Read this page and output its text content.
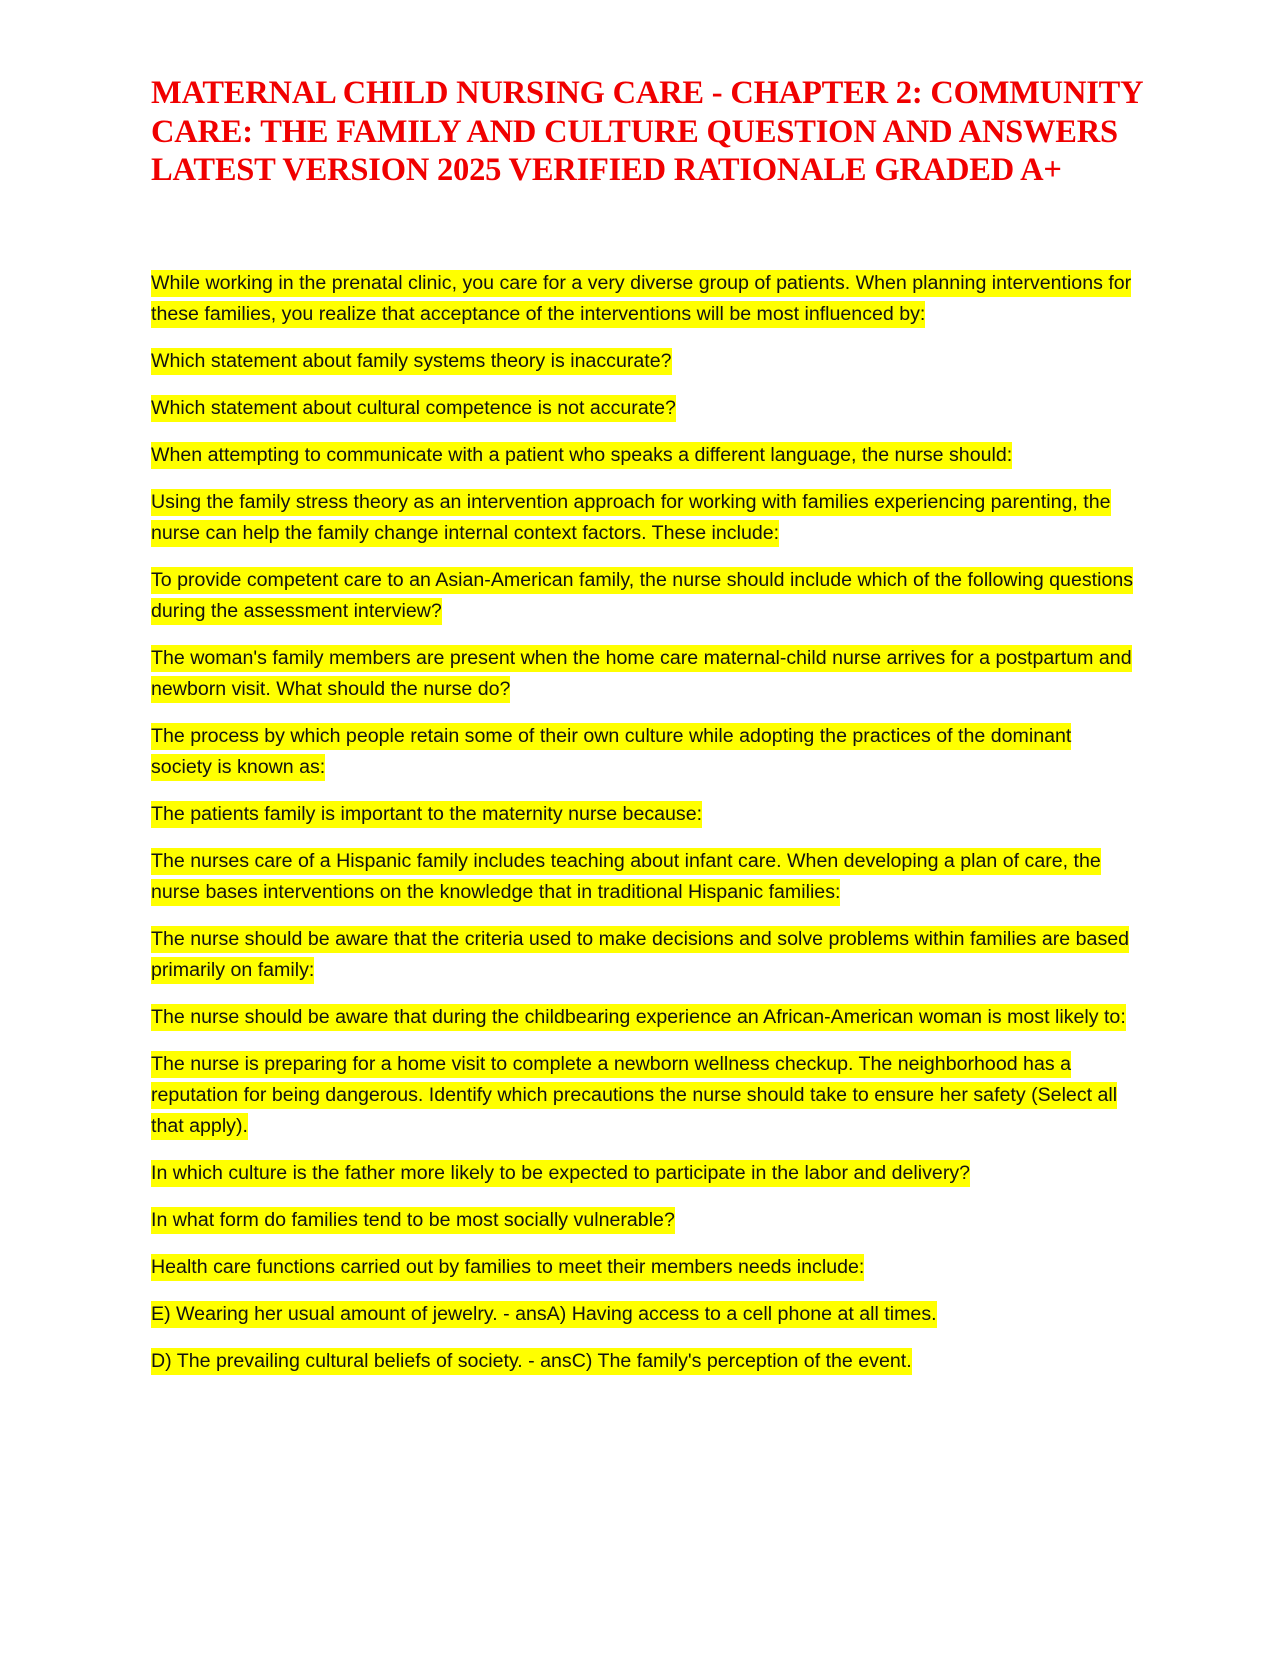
MATERNAL CHILD NURSING CARE - CHAPTER 2: COMMUNITY CARE: THE FAMILY AND CULTURE QUESTION AND ANSWERS LATEST VERSION 2025 VERIFIED RATIONALE GRADED A+
While working in the prenatal clinic, you care for a very diverse group of patients. When planning interventions for these families, you realize that acceptance of the interventions will be most influenced by:
Which statement about family systems theory is inaccurate?
Which statement about cultural competence is not accurate?
When attempting to communicate with a patient who speaks a different language, the nurse should:
Using the family stress theory as an intervention approach for working with families experiencing parenting, the nurse can help the family change internal context factors. These include:
To provide competent care to an Asian-American family, the nurse should include which of the following questions during the assessment interview?
The woman's family members are present when the home care maternal-child nurse arrives for a postpartum and newborn visit. What should the nurse do?
The process by which people retain some of their own culture while adopting the practices of the dominant society is known as:
The patients family is important to the maternity nurse because:
The nurses care of a Hispanic family includes teaching about infant care. When developing a plan of care, the nurse bases interventions on the knowledge that in traditional Hispanic families:
The nurse should be aware that the criteria used to make decisions and solve problems within families are based primarily on family:
The nurse should be aware that during the childbearing experience an African-American woman is most likely to:
The nurse is preparing for a home visit to complete a newborn wellness checkup. The neighborhood has a reputation for being dangerous. Identify which precautions the nurse should take to ensure her safety (Select all that apply).
In which culture is the father more likely to be expected to participate in the labor and delivery?
In what form do families tend to be most socially vulnerable?
Health care functions carried out by families to meet their members needs include:
E) Wearing her usual amount of jewelry. - ansA) Having access to a cell phone at all times.
D) The prevailing cultural beliefs of society. - ansC) The family's perception of the event.
